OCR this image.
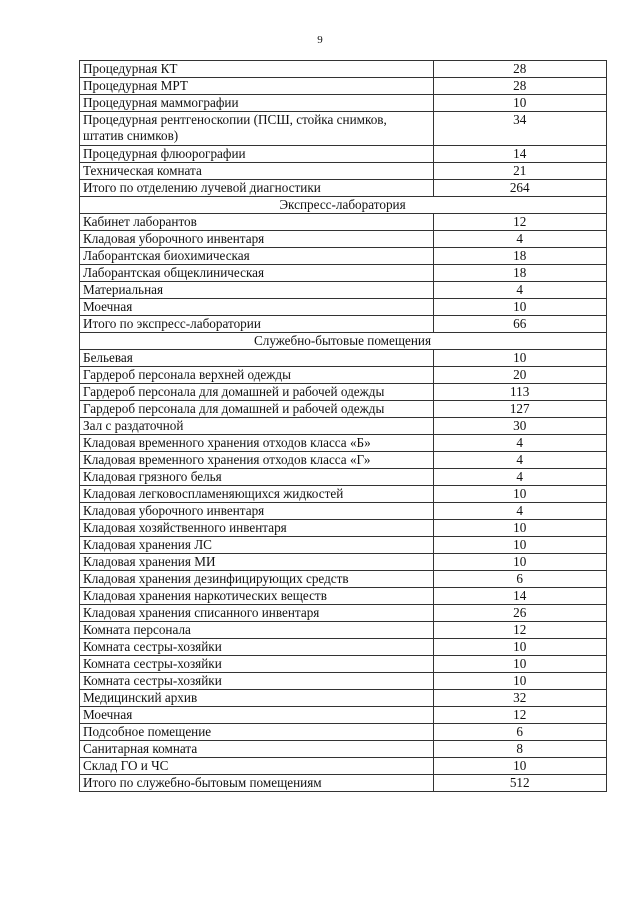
9
Процедурная КТ	28
Процедурная МРТ	28
Процедурная маммографии	10
Процедурная рентгеноскопии (ПСШ, стойка снимков, штатив снимков)	34
Процедурная флюорографии	14
Техническая комната	21
Итого по отделению лучевой диагностики	264
Экспресс-лаборатория	
Кабинет лаборантов	12
Кладовая уборочного инвентаря	4
Лаборантская биохимическая	18
Лаборантская общеклиническая	18
Материальная	4
Моечная	10
Итого по экспресс-лаборатории	66
Служебно-бытовые помещения	
Бельевая	10
Гардероб персонала верхней одежды	20
Гардероб персонала для домашней и рабочей одежды	113
Гардероб персонала для домашней и рабочей одежды	127
Зал с раздаточной	30
Кладовая временного хранения отходов класса «Б»	4
Кладовая временного хранения отходов класса «Г»	4
Кладовая грязного белья	4
Кладовая легковоспламеняющихся жидкостей	10
Кладовая уборочного инвентаря	4
Кладовая хозяйственного инвентаря	10
Кладовая хранения ЛС	10
Кладовая хранения МИ	10
Кладовая хранения дезинфицирующих средств	6
Кладовая хранения наркотических веществ	14
Кладовая хранения списанного инвентаря	26
Комната персонала	12
Комната сестры-хозяйки	10
Комната сестры-хозяйки	10
Комната сестры-хозяйки	10
Медицинский архив	32
Моечная	12
Подсобное помещение	6
Санитарная комната	8
Склад ГО и ЧС	10
Итого по служебно-бытовым помещениям	512
